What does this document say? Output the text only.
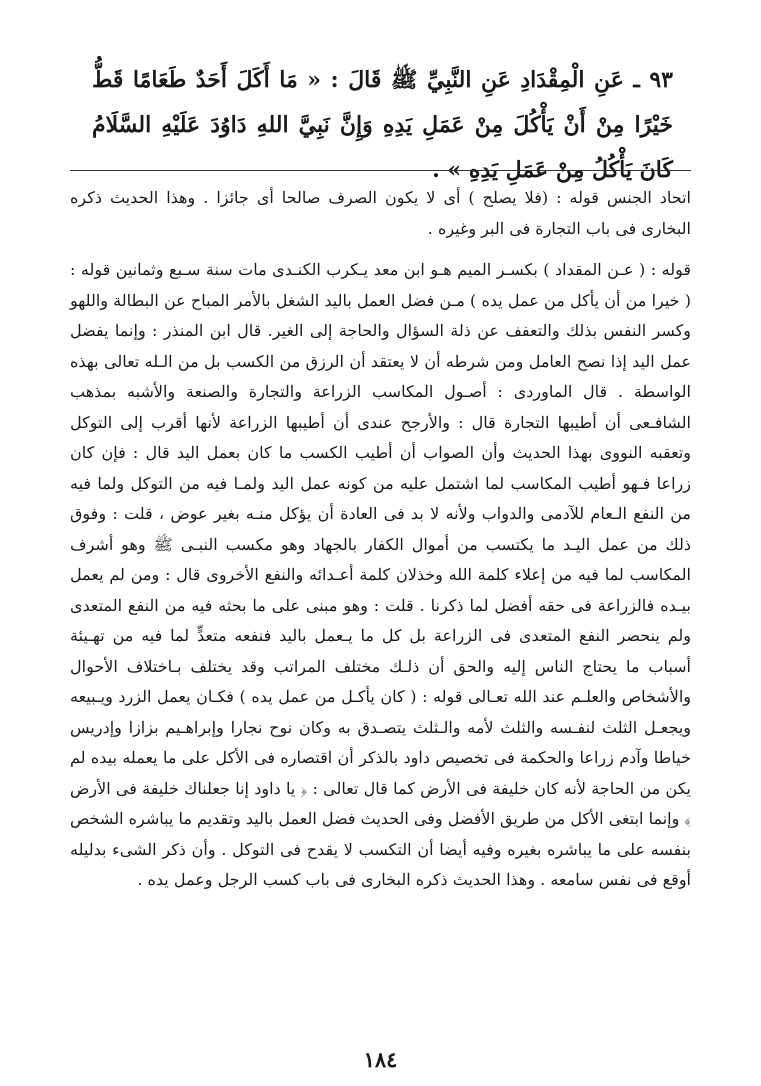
٩٣ ـ عَنِ الْمِقْدَادِ عَنِ النَّبِيِّ ﷺ قَالَ : « مَا أَكَلَ أَحَدٌ طَعَامًا قَطُّ خَيْرًا مِنْ أَنْ يَأْكُلَ مِنْ عَمَلِ يَدِهِ وَإِنَّ نَبِيَّ اللهِ دَاوُدَ عَلَيْهِ السَّلَامُ كَانَ يَأْكُلُ مِنْ عَمَلِ يَدِهِ » .

اتحاد الجنس قوله : (فلا يصلح ) أى لا يكون الصرف صالحا أى جائزا . وهذا الحديث ذكره البخارى فى باب التجارة فى البر وغيره .

قوله : ( عـن المقداد ) بكسـر الميم هـو ابن معد يـكرب الكنـدى مات سنة سـبع وثمانين قوله : ( خيرا من أن يأكل من عمل يده ) مـن فضل العمل باليد الشغل بالأمر المباح عن البطالة واللهو وكسر النفس بذلك والتعفف عن ذلة السؤال والحاجة إلى الغير. قال ابن المنذر : وإنما يفضل عمل اليد إذا نصح العامل ومن شرطه أن لا يعتقد أن الرزق من الكسب بل من الـله تعالى بهذه الواسطة . قال الماوردى : أصـول المكاسب الزراعة والتجارة والصنعة والأشبه بمذهب الشافـعى أن أطيبها التجارة قال : والأرجح عندى أن أطيبها الزراعة لأنها أقرب إلى التوكل وتعقبه النووى بهذا الحديث وأن الصواب أن أطيب الكسب ما كان بعمل اليد قال : فإن كان زراعا فـهو أطيب المكاسب لما اشتمل عليه من كونه عمل اليد ولمـا فيه من التوكل ولما فيه من النفع الـعام للآدمى والدواب ولأنه لا بد فى العادة أن يؤكل منـه بغير عوض ، قلت : وفوق ذلك من عمل اليـد ما يكتسب من أموال الكفار بالجهاد وهو مكسب النبـى ﷺ وهو أشرف المكاسب لما فيه من إعلاء كلمة الله وخذلان كلمة أعـدائه والنفع الأخروى قال : ومن لم يعمل بيـده فالزراعة فى حقه أفضل لما ذكرنا . قلت : وهو مبنى على ما بحثه فيه من النفع المتعدى ولم ينحصر النفع المتعدى فى الزراعة بل كل ما يـعمل باليد فنفعه متعدٍّ لما فيه من تهـيئة أسباب ما يحتاج الناس إليه والحق أن ذلـك مختلف المراتب وقد يختلف بـاختلاف الأحوال والأشخاص والعلـم عند الله تعـالى قوله : ( كان يأكـل من عمل يده ) فكـان يعمل الزرد ويـبيعه ويجعـل الثلث لنفـسه والثلث لأمه والـثلث يتصـدق به وكان نوح نجارا وإبراهـيم بزازا وإدريس خياطا وآدم زراعا والحكمة فى تخصيص داود بالذكر أن اقتصاره فى الأكل على ما يعمله بيده لم يكن من الحاجة لأنه كان خليفة فى الأرض كما قال تعالى : ﴿ يا داود إنا جعلناك خليفة فى الأرض ﴾ وإنما ابتغى الأكل من طريق الأفضل وفى الحديث فضل العمل باليد وتقديم ما يباشره الشخص بنفسه على ما يباشره بغيره وفيه أيضا أن التكسب لا يقدح فى التوكل . وأن ذكر الشىء بدليله أوقع فى نفس سامعه . وهذا الحديث ذكره البخارى فى باب كسب الرجل وعمل يده .

١٨٤
